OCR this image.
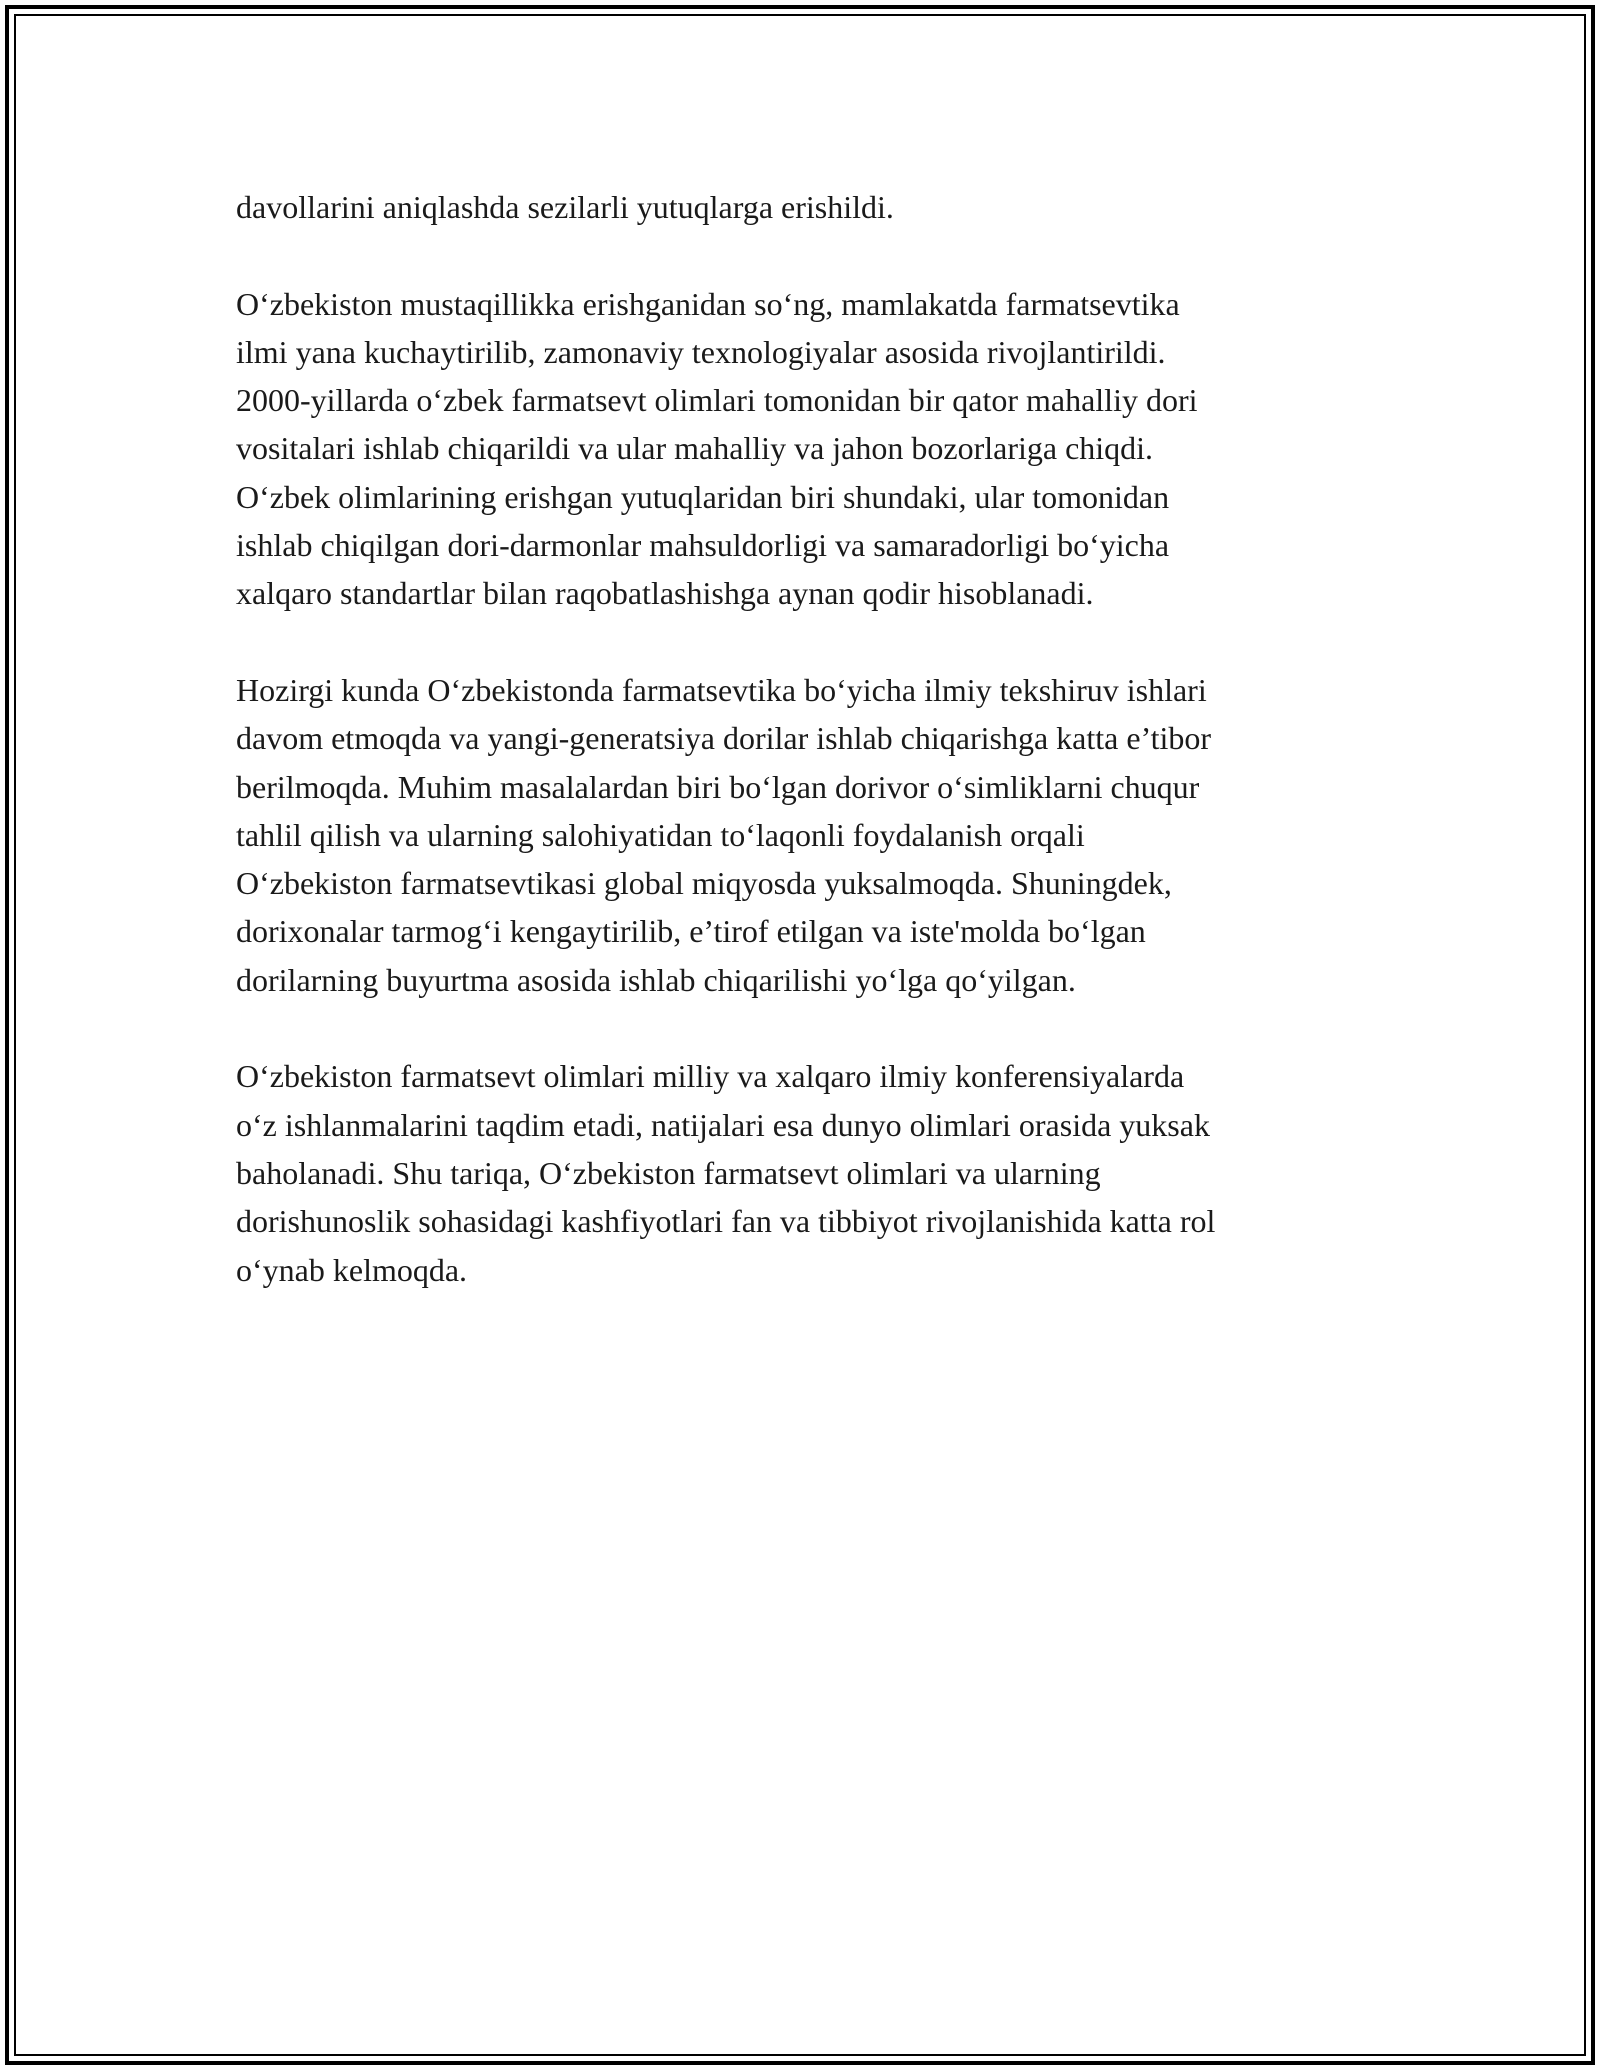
davollarini aniqlashda sezilarli yutuqlarga erishildi.

O‘zbekiston mustaqillikka erishganidan so‘ng, mamlakatda farmatsevtika
ilmi yana kuchaytirilib, zamonaviy texnologiyalar asosida rivojlantirildi.
2000-yillarda o‘zbek farmatsevt olimlari tomonidan bir qator mahalliy dori
vositalari ishlab chiqarildi va ular mahalliy va jahon bozorlariga chiqdi.
O‘zbek olimlarining erishgan yutuqlaridan biri shundaki, ular tomonidan
ishlab chiqilgan dori-darmonlar mahsuldorligi va samaradorligi bo‘yicha
xalqaro standartlar bilan raqobatlashishga aynan qodir hisoblanadi.

Hozirgi kunda O‘zbekistonda farmatsevtika bo‘yicha ilmiy tekshiruv ishlari
davom etmoqda va yangi-generatsiya dorilar ishlab chiqarishga katta e’tibor
berilmoqda. Muhim masalalardan biri bo‘lgan dorivor o‘simliklarni chuqur
tahlil qilish va ularning salohiyatidan to‘laqonli foydalanish orqali
O‘zbekiston farmatsevtikasi global miqyosda yuksalmoqda. Shuningdek,
dorixonalar tarmog‘i kengaytirilib, e’tirof etilgan va iste'molda bo‘lgan
dorilarning buyurtma asosida ishlab chiqarilishi yo‘lga qo‘yilgan.

O‘zbekiston farmatsevt olimlari milliy va xalqaro ilmiy konferensiyalarda
o‘z ishlanmalarini taqdim etadi, natijalari esa dunyo olimlari orasida yuksak
baholanadi. Shu tariqa, O‘zbekiston farmatsevt olimlari va ularning
dorishunoslik sohasidagi kashfiyotlari fan va tibbiyot rivojlanishida katta rol
o‘ynab kelmoqda.
